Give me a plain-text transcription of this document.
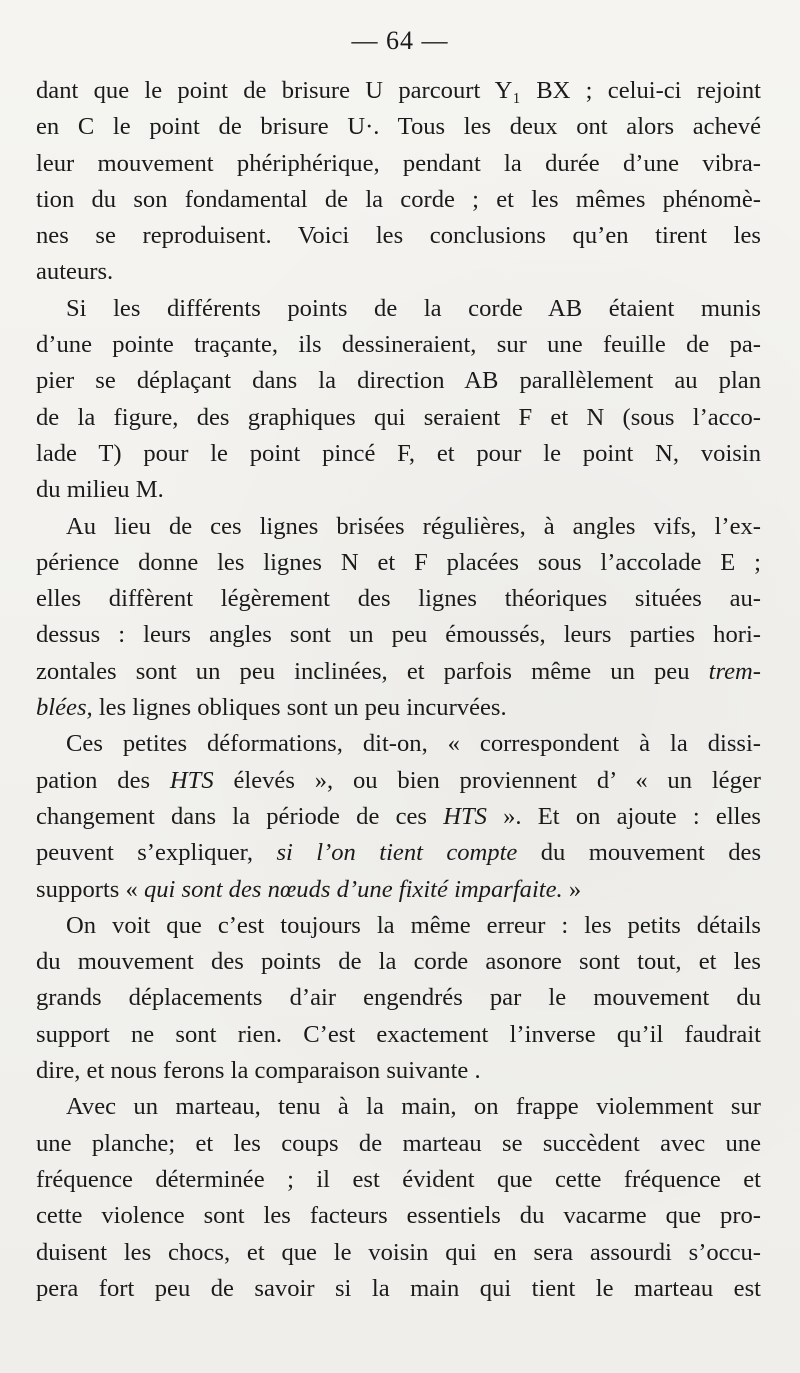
— 64 —
dant que le point de brisure U parcourt Y₁ BX ; celui-ci rejoint
en C le point de brisure U·. Tous les deux ont alors achevé
leur mouvement phériphérique, pendant la durée d’une vibra-
tion du son fondamental de la corde ; et les mêmes phénomè-
nes se reproduisent. Voici les conclusions qu’en tirent les
auteurs.
Si les différents points de la corde AB étaient munis
d’une pointe traçante, ils dessineraient, sur une feuille de pa-
pier se déplaçant dans la direction AB parallèlement au plan
de la figure, des graphiques qui seraient F et N (sous l’acco-
lade T) pour le point pincé F, et pour le point N, voisin
du milieu M.
Au lieu de ces lignes brisées régulières, à angles vifs, l’ex-
périence donne les lignes N et F placées sous l’accolade E ;
elles diffèrent légèrement des lignes théoriques situées au-
dessus : leurs angles sont un peu émoussés, leurs parties hori-
zontales sont un peu inclinées, et parfois même un peu trem-
blées, les lignes obliques sont un peu incurvées.
Ces petites déformations, dit-on, « correspondent à la dissi-
pation des HTS élevés », ou bien proviennent d’ « un léger
changement dans la période de ces HTS ». Et on ajoute : elles
peuvent s’expliquer, si l’on tient compte du mouvement des
supports « qui sont des nœuds d’une fixité imparfaite. »
On voit que c’est toujours la même erreur : les petits détails
du mouvement des points de la corde asonore sont tout, et les
grands déplacements d’air engendrés par le mouvement du
support ne sont rien. C’est exactement l’inverse qu’il faudrait
dire, et nous ferons la comparaison suivante .
Avec un marteau, tenu à la main, on frappe violemment sur
une planche; et les coups de marteau se succèdent avec une
fréquence déterminée ; il est évident que cette fréquence et
cette violence sont les facteurs essentiels du vacarme que pro-
duisent les chocs, et que le voisin qui en sera assourdi s’occu-
pera fort peu de savoir si la main qui tient le marteau est
